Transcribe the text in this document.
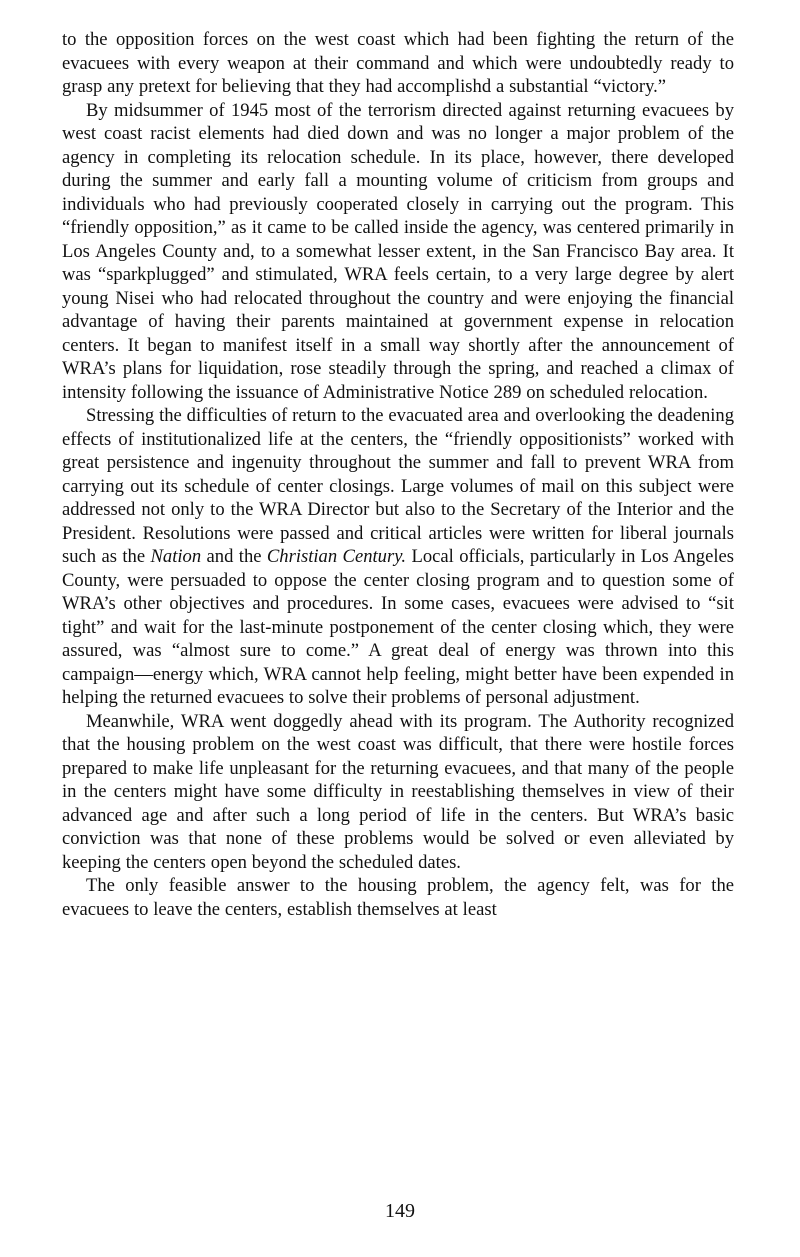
to the opposition forces on the west coast which had been fighting the return of the evacuees with every weapon at their command and which were undoubtedly ready to grasp any pretext for believing that they had accomplishd a substantial “victory.”

By midsummer of 1945 most of the terrorism directed against returning evacuees by west coast racist elements had died down and was no longer a major problem of the agency in completing its relocation schedule. In its place, however, there developed during the summer and early fall a mounting volume of criticism from groups and individuals who had previously cooperated closely in carrying out the program. This “friendly opposition,” as it came to be called inside the agency, was centered primarily in Los Angeles County and, to a somewhat lesser extent, in the San Francisco Bay area. It was “sparkplugged” and stimulated, WRA feels certain, to a very large degree by alert young Nisei who had relocated throughout the country and were enjoying the financial advantage of having their parents maintained at government expense in relocation centers. It began to manifest itself in a small way shortly after the announcement of WRA’s plans for liquidation, rose steadily through the spring, and reached a climax of intensity following the issuance of Administrative Notice 289 on scheduled relocation.

Stressing the difficulties of return to the evacuated area and overlooking the deadening effects of institutionalized life at the centers, the “friendly oppositionists” worked with great persistence and ingenuity throughout the summer and fall to prevent WRA from carrying out its schedule of center closings. Large volumes of mail on this subject were addressed not only to the WRA Director but also to the Secretary of the Interior and the President. Resolutions were passed and critical articles were written for liberal journals such as the Nation and the Christian Century. Local officials, particularly in Los Angeles County, were persuaded to oppose the center closing program and to question some of WRA’s other objectives and procedures. In some cases, evacuees were advised to “sit tight” and wait for the last-minute postponement of the center closing which, they were assured, was “almost sure to come.” A great deal of energy was thrown into this campaign—energy which, WRA cannot help feeling, might better have been expended in helping the returned evacuees to solve their problems of personal adjustment.

Meanwhile, WRA went doggedly ahead with its program. The Authority recognized that the housing problem on the west coast was difficult, that there were hostile forces prepared to make life unpleasant for the returning evacuees, and that many of the people in the centers might have some difficulty in reestablishing themselves in view of their advanced age and after such a long period of life in the centers. But WRA’s basic conviction was that none of these problems would be solved or even alleviated by keeping the centers open beyond the scheduled dates.

The only feasible answer to the housing problem, the agency felt, was for the evacuees to leave the centers, establish themselves at least

149
